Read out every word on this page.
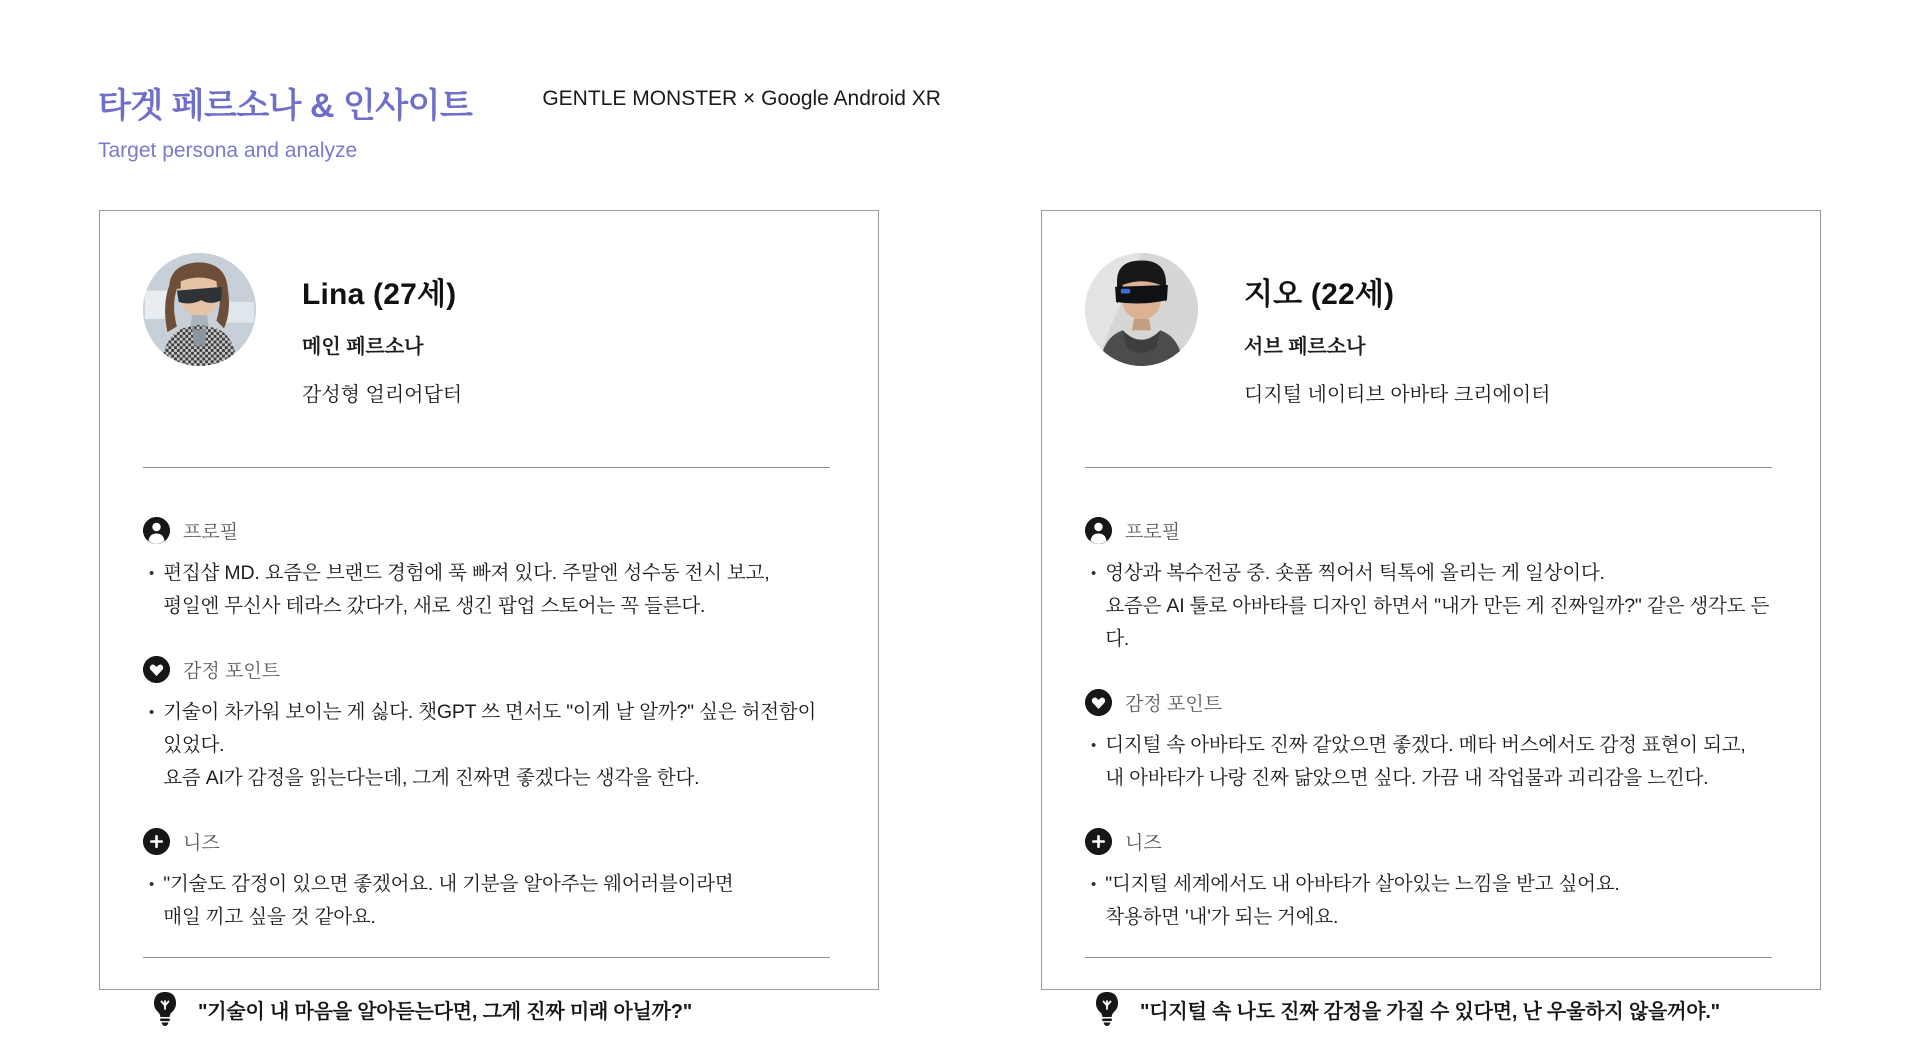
타겟 페르소나 & 인사이트
Target persona and analyze
GENTLE MONSTER × Google Android XR
Lina (27세)
메인 페르소나
감성형 얼리어답터
프로필
• 편집샵 MD. 요즘은 브랜드 경험에 푹 빠져 있다. 주말엔 성수동 전시 보고,
평일엔 무신사 테라스 갔다가, 새로 생긴 팝업 스토어는 꼭 들른다.
감정 포인트
• 기술이 차가워 보이는 게 싫다. 챗GPT 쓰 면서도 "이게 날 알까?" 싶은 허전함이 있었다.
요즘 AI가 감정을 읽는다는데, 그게 진짜면 좋겠다는 생각을 한다.
니즈
• "기술도 감정이 있으면 좋겠어요. 내 기분을 알아주는 웨어러블이라면
매일 끼고 싶을 것 같아요.
"기술이 내 마음을 알아듣는다면, 그게 진짜 미래 아닐까?"
지오 (22세)
서브 페르소나
디지털 네이티브 아바타 크리에이터
프로필
• 영상과 복수전공 중. 숏폼 찍어서 틱톡에 올리는 게 일상이다.
요즘은 AI 툴로 아바타를 디자인 하면서 "내가 만든 게 진짜일까?" 같은 생각도 든다.
감정 포인트
• 디지털 속 아바타도 진짜 같았으면 좋겠다. 메타 버스에서도 감정 표현이 되고,
내 아바타가 나랑 진짜 닮았으면 싶다. 가끔 내 작업물과 괴리감을 느낀다.
니즈
• "디지털 세계에서도 내 아바타가 살아있는 느낌을 받고 싶어요.
착용하면 '내'가 되는 거에요.
"디지털 속 나도 진짜 감정을 가질 수 있다면, 난 우울하지 않을꺼야."
